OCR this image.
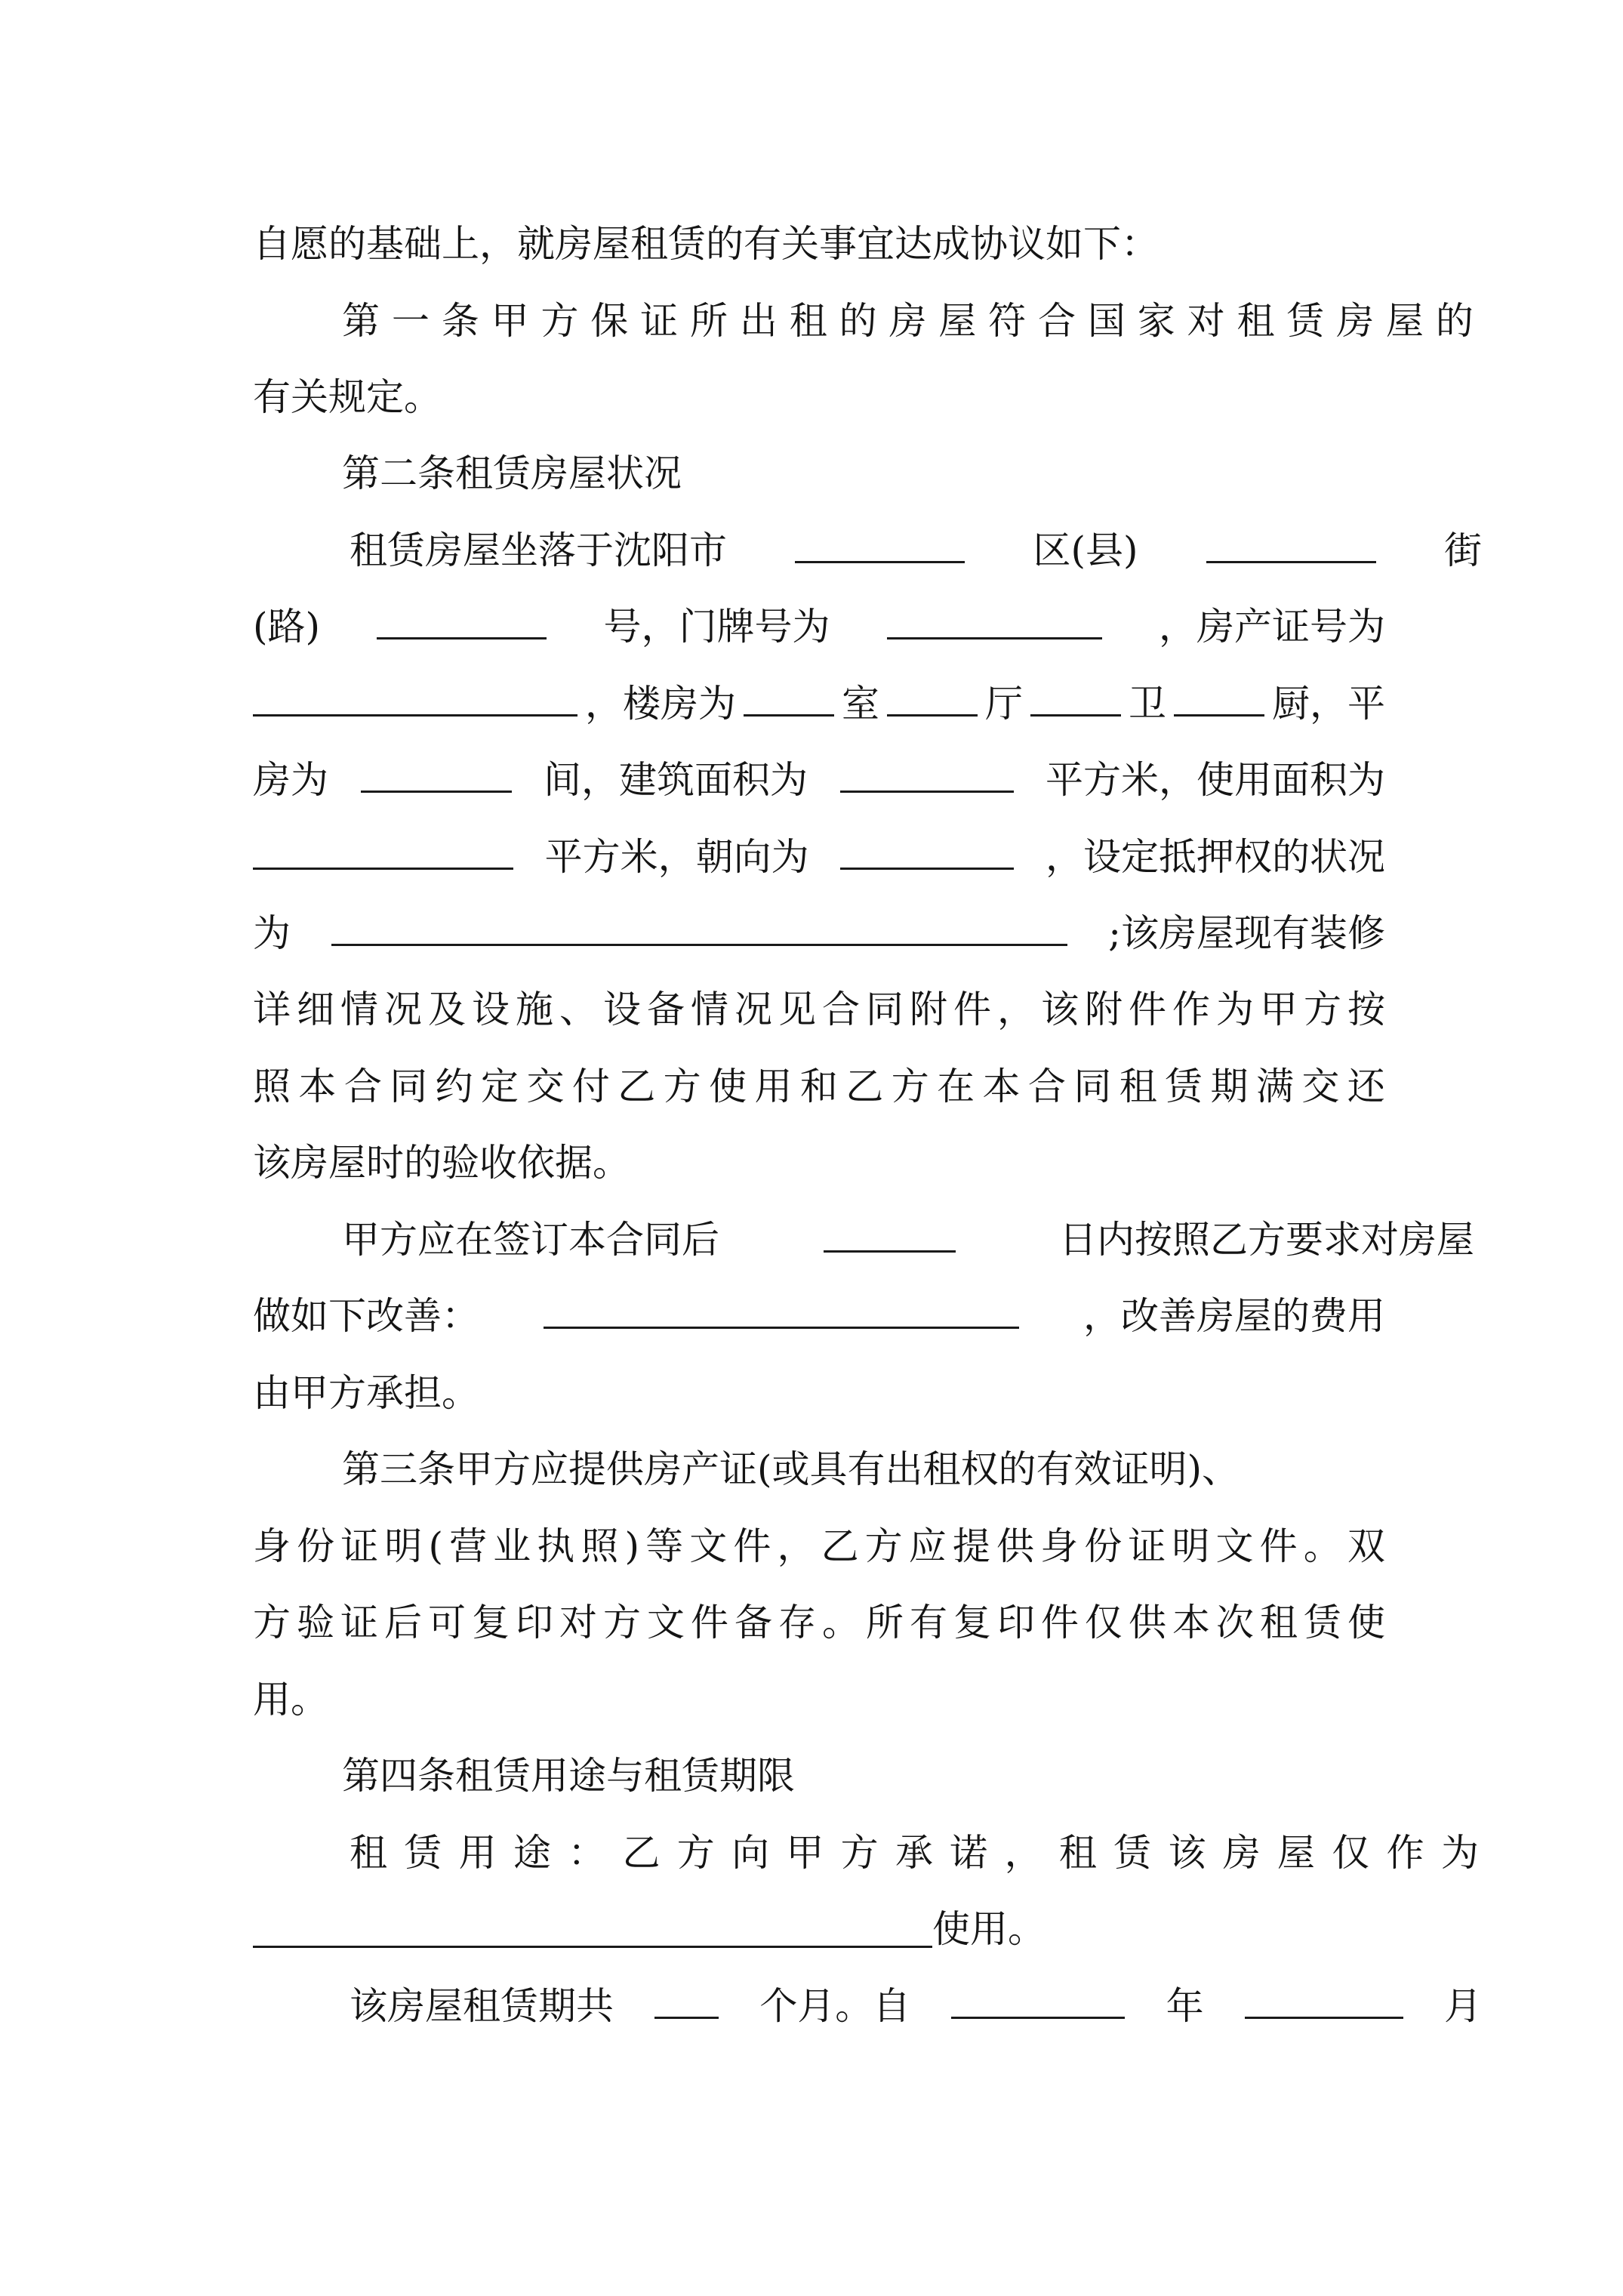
自愿的基础上，就房屋租赁的有关事宜达成协议如下：
第 一 条 甲 方 保 证 所 出 租 的 房 屋 符 合 国 家 对 租 赁 房 屋 的
有关规定。
第二条租赁房屋状况
租赁房屋坐落于沈阳市	区(县)	街
(路)	号，门牌号为	，房产证号为
，楼房为	室	厅	卫	厨，平
房为	间，建筑面积为	平方米，使用面积为
平方米，朝向为	，设定抵押权的状况
为	;该房屋现有装修
详 细 情 况 及 设 施 、 设 备 情 况 见 合 同 附 件 ， 该 附 件 作 为 甲 方 按
照 本 合 同 约 定 交 付 乙 方 使 用 和 乙 方 在 本 合 同 租 赁 期 满 交 还
该房屋时的验收依据。
甲方应在签订本合同后	日内按照乙方要求对房屋
做如下改善：	，改善房屋的费用
由甲方承担。
第三条甲方应提供房产证(或具有出租权的有效证明)、
身 份 证 明 ( 营 业 执 照 ) 等 文 件 ， 乙 方 应 提 供 身 份 证 明 文 件 。 双
方 验 证 后 可 复 印 对 方 文 件 备 存 。 所 有 复 印 件 仅 供 本 次 租 赁 使
用。
第四条租赁用途与租赁期限
租 赁 用 途 ： 乙 方 向 甲 方 承 诺 ， 租 赁 该 房 屋 仅 作 为
使用。
该房屋租赁期共	个月。自	年	月
